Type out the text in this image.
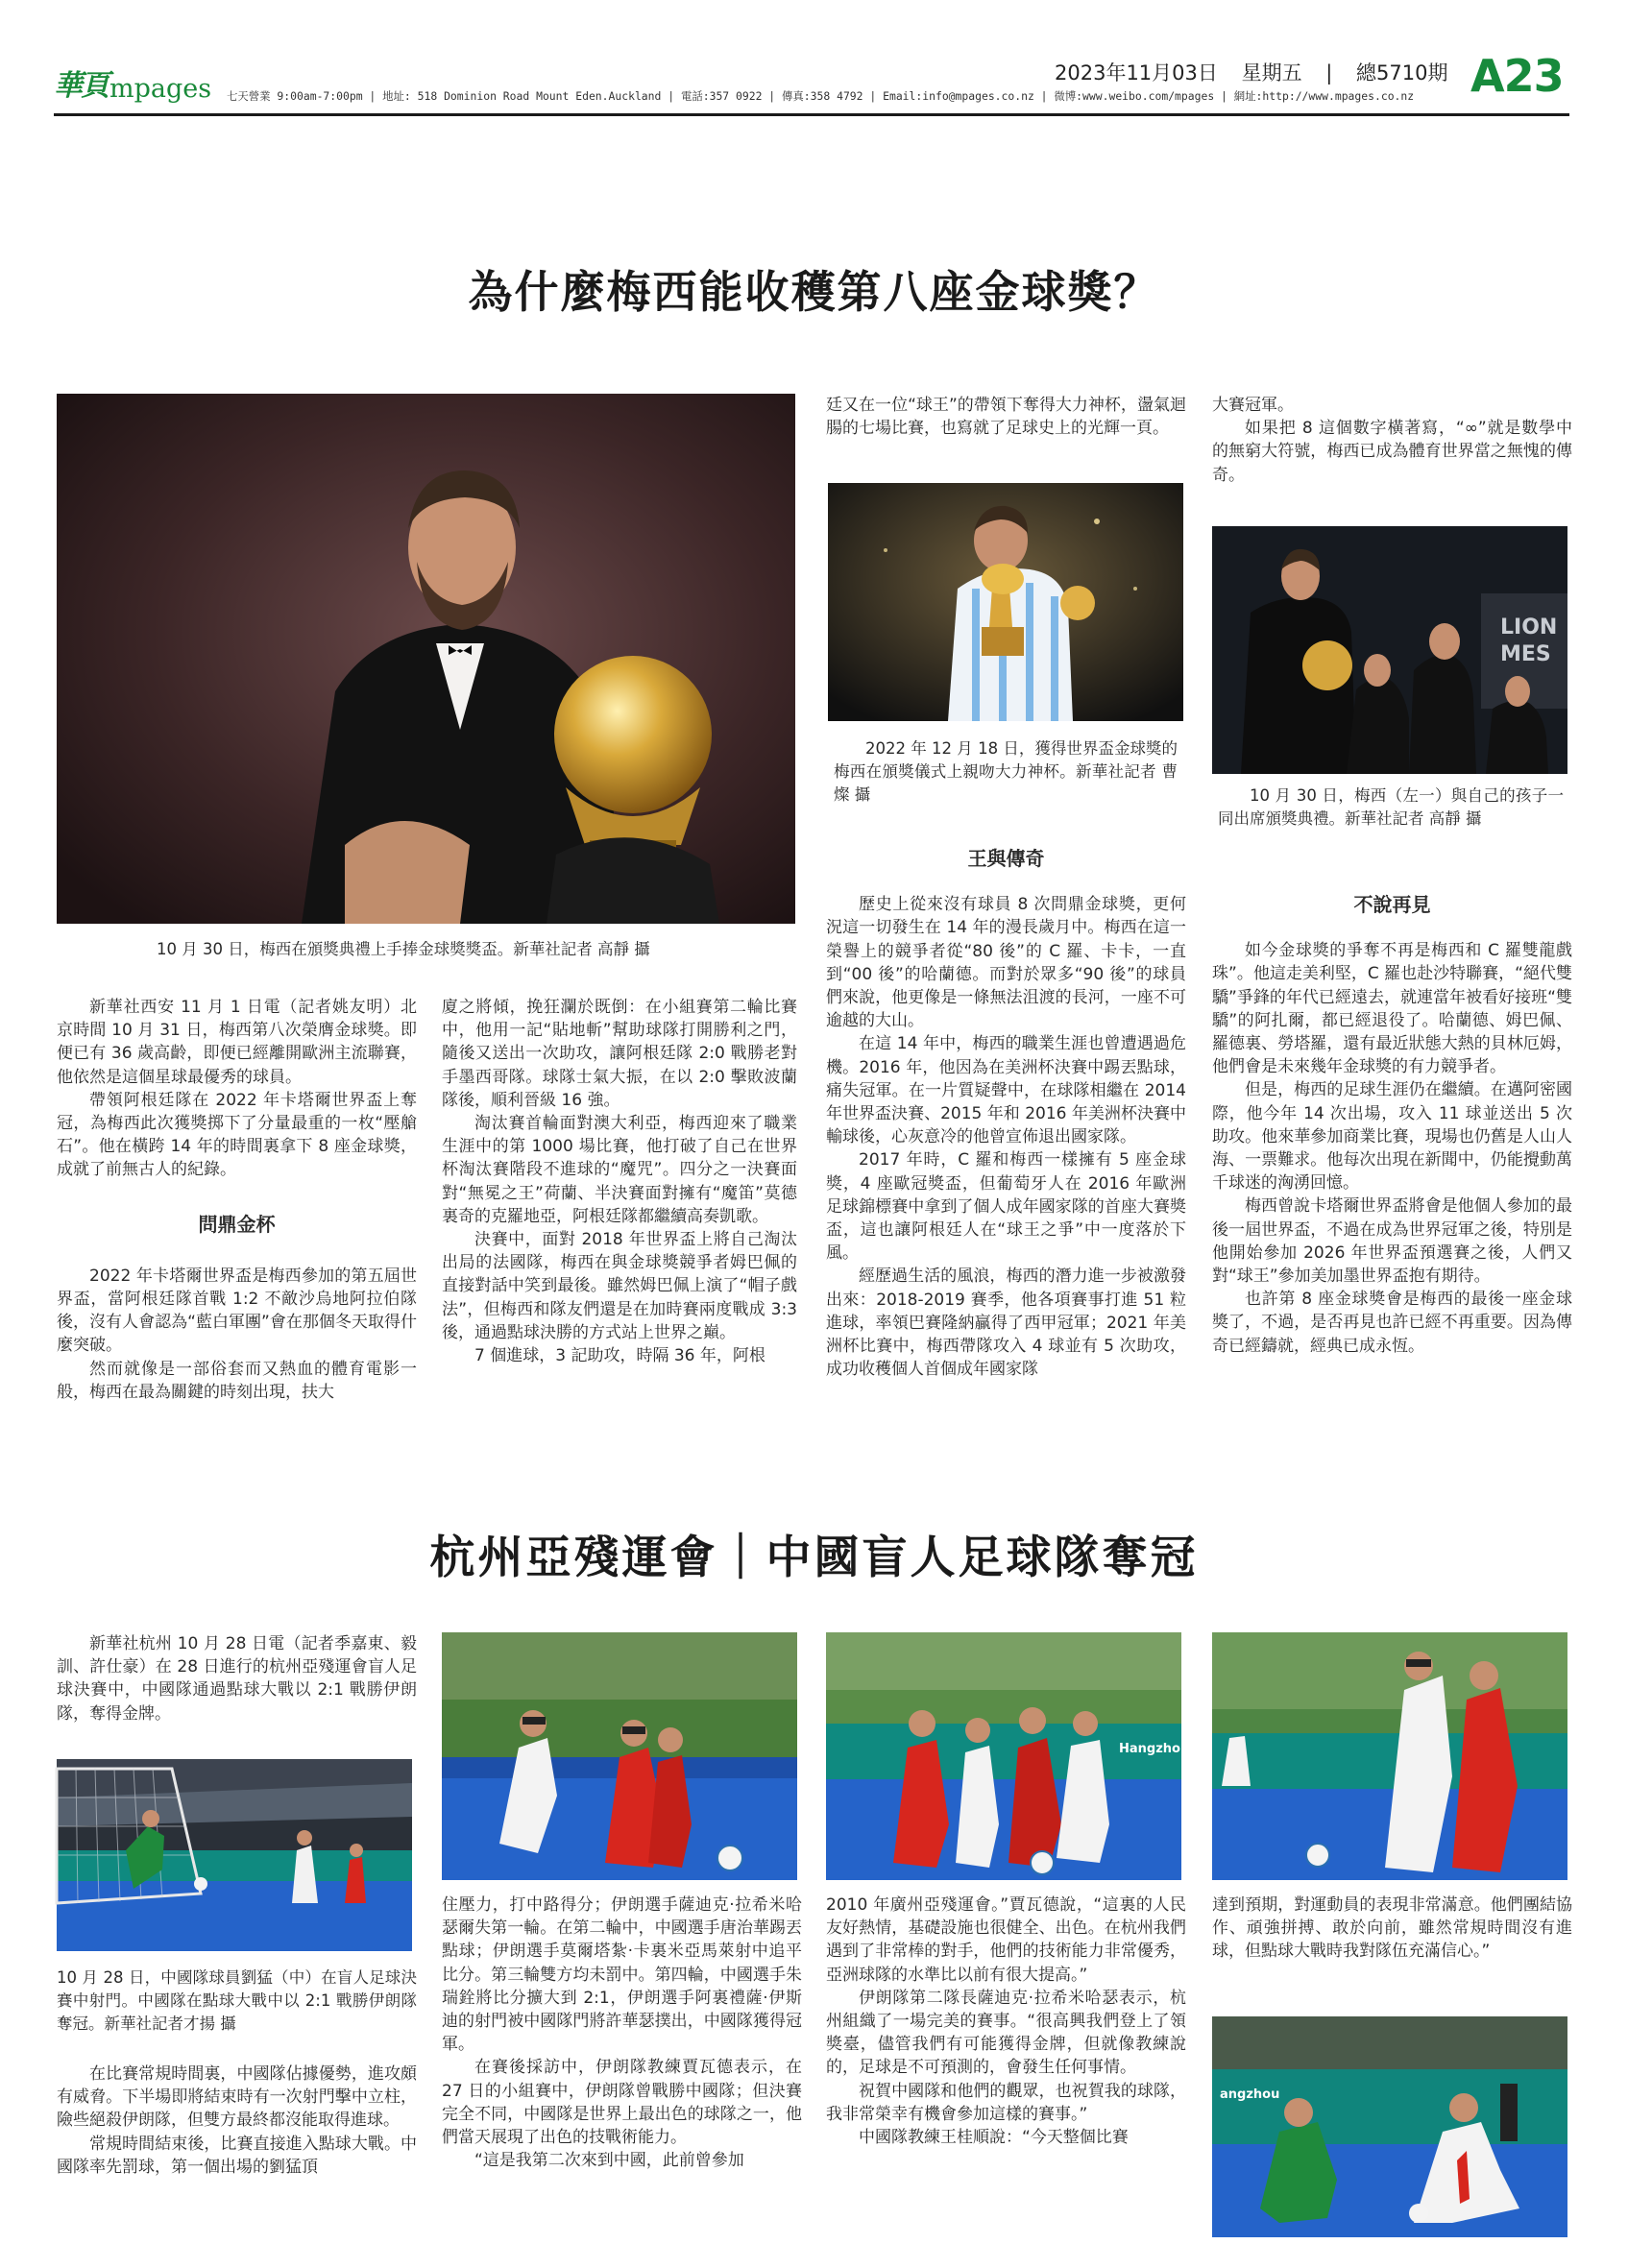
華頁 mpages 七天營業 9:00am-7:00pm | 地址: 518 Dominion Road Mount Eden.Auckland | 電話:357 0922 | 傳真:358 4792 | Email:info@mpages.co.nz | 微博:www.weibo.com/mpages | 網址:http://www.mpages.co.nz
2023年11月03日 星期五 | 總5710期 A23
為什麼梅西能收穫第八座金球獎？
10 月 30 日，梅西在頒獎典禮上手捧金球獎獎盃。新華社記者 高靜 攝

新華社西安 11 月 1 日電（記者姚友明）北京時間 10 月 31 日，梅西第八次榮膺金球獎。即便已有 36 歲高齡，即便已經離開歐洲主流聯賽，他依然是這個星球最優秀的球員。

帶領阿根廷隊在 2022 年卡塔爾世界盃上奪冠，為梅西此次獲獎掷下了分量最重的一枚“壓艙石”。他在橫跨 14 年的時間裏拿下 8 座金球獎，成就了前無古人的紀錄。

問鼎金杯

2022 年卡塔爾世界盃是梅西參加的第五屆世界盃，當阿根廷隊首戰 1:2 不敵沙烏地阿拉伯隊後，沒有人會認為“藍白軍團”會在那個冬天取得什麼突破。

然而就像是一部俗套而又熱血的體育電影一般，梅西在最為關鍵的時刻出現，扶大

廈之將傾，挽狂瀾於既倒：在小組賽第二輪比賽中，他用一記“貼地斬”幫助球隊打開勝利之門，隨後又送出一次助攻，讓阿根廷隊 2:0 戰勝老對手墨西哥隊。球隊士氣大振，在以 2:0 擊敗波蘭隊後，順利晉級 16 強。

淘汰賽首輪面對澳大利亞，梅西迎來了職業生涯中的第 1000 場比賽，他打破了自己在世界杯淘汰賽階段不進球的“魔咒”。四分之一決賽面對“無冕之王”荷蘭、半決賽面對擁有“魔笛”莫德裏奇的克羅地亞，阿根廷隊都繼續高奏凱歌。

決賽中，面對 2018 年世界盃上將自己淘汰出局的法國隊，梅西在與金球獎競爭者姆巴佩的直接對話中笑到最後。雖然姆巴佩上演了“帽子戲法”，但梅西和隊友們還是在加時賽兩度戰成 3:3 後，通過點球決勝的方式站上世界之巔。

7 個進球，3 記助攻，時隔 36 年，阿根

廷又在一位“球王”的帶領下奪得大力神杯，盪氣迴腸的七場比賽，也寫就了足球史上的光輝一頁。

2022 年 12 月 18 日，獲得世界盃金球獎的梅西在頒獎儀式上親吻大力神杯。新華社記者 曹燦 攝
王與傳奇

歷史上從來沒有球員 8 次問鼎金球獎，更何況這一切發生在 14 年的漫長歲月中。梅西在這一榮譽上的競爭者從“80 後”的 C 羅、卡卡，一直到“00 後”的哈蘭德。而對於眾多“90 後”的球員們來說，他更像是一條無法沮渡的長河，一座不可逾越的大山。

在這 14 年中，梅西的職業生涯也曾遭遇過危機。2016 年，他因為在美洲杯決賽中踢丟點球，痛失冠軍。在一片質疑聲中，在球隊相繼在 2014 年世界盃決賽、2015 年和 2016 年美洲杯決賽中輸球後，心灰意冷的他曾宣佈退出國家隊。

2017 年時，C 羅和梅西一樣擁有 5 座金球獎，4 座歐冠獎盃，但葡萄牙人在 2016 年歐洲足球錦標賽中拿到了個人成年國家隊的首座大賽獎盃，這也讓阿根廷人在“球王之爭”中一度落於下風。

經歷過生活的風浪，梅西的潛力進一步被激發出來：2018-2019 賽季，他各項賽事打進 51 粒進球，率領巴賽隆納贏得了西甲冠軍；2021 年美洲杯比賽中，梅西帶隊攻入 4 球並有 5 次助攻，成功收穫個人首個成年國家隊

大賽冠軍。

如果把 8 這個數字橫著寫，“∞”就是數學中的無窮大符號，梅西已成為體育世界當之無愧的傳奇。

LION
MES
10 月 30 日，梅西（左一）與自己的孩子一同出席頒獎典禮。新華社記者 高靜 攝
不說再見

如今金球獎的爭奪不再是梅西和 C 羅雙龍戲珠”。他這走美利堅，C 羅也赴沙特聯賽，“絕代雙驕”爭鋒的年代已經遠去，就連當年被看好接班“雙驕”的阿扎爾，都已經退役了。哈蘭德、姆巴佩、羅德裏、勞塔羅，還有最近狀態大熱的貝林厄姆，他們會是未來幾年金球獎的有力競爭者。

但是，梅西的足球生涯仍在繼續。在邁阿密國際，他今年 14 次出場，攻入 11 球並送出 5 次助攻。他來華參加商業比賽，現場也仍舊是人山人海、一票難求。他每次出現在新聞中，仍能攪動萬千球迷的洶湧回憶。

梅西曾說卡塔爾世界盃將會是他個人參加的最後一屆世界盃，不過在成為世界冠軍之後，特別是他開始參加 2026 年世界盃預選賽之後，人們又對“球王”參加美加墨世界盃抱有期待。

也許第 8 座金球獎會是梅西的最後一座金球獎了，不過，是否再見也許已經不再重要。因為傳奇已經鑄就，經典已成永恆。

杭州亞殘運會｜中國盲人足球隊奪冠

新華社杭州 10 月 28 日電（記者季嘉東、毅訓、許仕豪）在 28 日進行的杭州亞殘運會盲人足球決賽中，中國隊通過點球大戰以 2:1 戰勝伊朗隊，奪得金牌。

10 月 28 日，中國隊球員劉猛（中）在盲人足球決賽中射門。中國隊在點球大戰中以 2:1 戰勝伊朗隊奪冠。新華社記者才揚 攝

在比賽常規時間裏，中國隊佔據優勢，進攻頗有威脅。下半場即將結束時有一次射門擊中立柱，險些絕殺伊朗隊，但雙方最終都沒能取得進球。

常規時間結束後，比賽直接進入點球大戰。中國隊率先罰球，第一個出場的劉猛頂

住壓力，打中路得分；伊朗選手薩迪克·拉希米哈瑟爾失第一輪。在第二輪中，中國選手唐治華踢丟點球；伊朗選手莫爾塔紮·卡裏米亞馬萊射中追平比分。第三輪雙方均未罰中。第四輪，中國選手朱瑞銓將比分擴大到 2:1，伊朗選手阿裏禮薩·伊斯迪的射門被中國隊門將許華瑟撲出，中國隊獲得冠軍。

在賽後採訪中，伊朗隊教練賈瓦德表示，在 27 日的小組賽中，伊朗隊曾戰勝中國隊；但決賽完全不同，中國隊是世界上最出色的球隊之一，他們當天展現了出色的技戰術能力。

“這是我第二次來到中國，此前曾參加

Hangzhou

2010 年廣州亞殘運會。”賈瓦德說，“這裏的人民友好熱情，基礎設施也很健全、出色。在杭州我們遇到了非常棒的對手，他們的技術能力非常優秀，亞洲球隊的水準比以前有很大提高。”

伊朗隊第二隊長薩迪克·拉希米哈瑟表示，杭州組織了一場完美的賽事。“很高興我們登上了領獎臺，儘管我們有可能獲得金牌，但就像教練說的，足球是不可預測的，會發生任何事情。

祝賀中國隊和他們的觀眾，也祝賀我的球隊，我非常榮幸有機會參加這樣的賽事。”

中國隊教練王桂順說：“今天整個比賽

達到預期，對運動員的表現非常滿意。他們團結協作、頑強拼搏、敢於向前，雖然常規時間沒有進球，但點球大戰時我對隊伍充滿信心。”

angzhou
